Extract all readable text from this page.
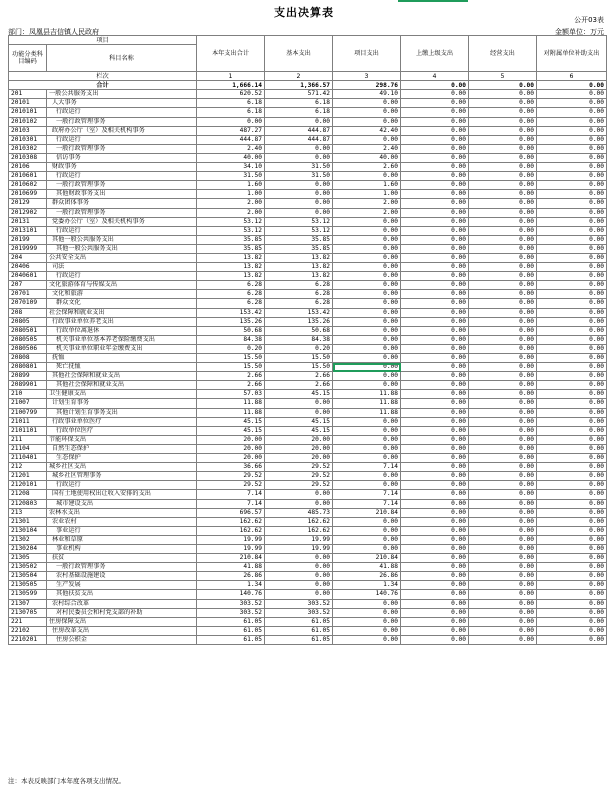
支出决算表
公开03表
部门：凤凰县吉信镇人民政府	金额单位：万元
项目		本年支出合计	基本支出	项目支出	上缴上级支出	经营支出	对附属单位补助支出
功能分类科目编码	科目名称						
栏次		1	2	3	4	5	6
合计		1,666.14	1,366.57	298.76	0.00	0.00	0.00
201	一般公共服务支出	620.52	571.42	49.10	0.00	0.00	0.00
20101	人大事务	6.18	6.18	0.00	0.00	0.00	0.00
2010101	行政运行	6.18	6.18	0.00	0.00	0.00	0.00
2010102	一般行政管理事务	0.00	0.00	0.00	0.00	0.00	0.00
20103	政府办公厅（室）及相关机构事务	487.27	444.87	42.40	0.00	0.00	0.00
2010301	行政运行	444.87	444.87	0.00	0.00	0.00	0.00
2010302	一般行政管理事务	2.40	0.00	2.40	0.00	0.00	0.00
2010308	信访事务	40.00	0.00	40.00	0.00	0.00	0.00
20106	财政事务	34.10	31.50	2.60	0.00	0.00	0.00
2010601	行政运行	31.50	31.50	0.00	0.00	0.00	0.00
2010602	一般行政管理事务	1.60	0.00	1.60	0.00	0.00	0.00
2010699	其他财政事务支出	1.00	0.00	1.00	0.00	0.00	0.00
20129	群众团体事务	2.00	0.00	2.00	0.00	0.00	0.00
2012902	一般行政管理事务	2.00	0.00	2.00	0.00	0.00	0.00
20131	党委办公厅（室）及相关机构事务	53.12	53.12	0.00	0.00	0.00	0.00
2013101	行政运行	53.12	53.12	0.00	0.00	0.00	0.00
20199	其他一般公共服务支出	35.85	35.85	0.00	0.00	0.00	0.00
2019999	其他一般公共服务支出	35.85	35.85	0.00	0.00	0.00	0.00
204	公共安全支出	13.82	13.82	0.00	0.00	0.00	0.00
20406	司法	13.82	13.82	0.00	0.00	0.00	0.00
2040601	行政运行	13.82	13.82	0.00	0.00	0.00	0.00
207	文化旅游体育与传媒支出	6.28	6.28	0.00	0.00	0.00	0.00
20701	文化和旅游	6.28	6.28	0.00	0.00	0.00	0.00
2070109	群众文化	6.28	6.28	0.00	0.00	0.00	0.00
208	社会保障和就业支出	153.42	153.42	0.00	0.00	0.00	0.00
20805	行政事业单位养老支出	135.26	135.26	0.00	0.00	0.00	0.00
2080501	行政单位离退休	50.68	50.68	0.00	0.00	0.00	0.00
2080505	机关事业单位基本养老保险缴费支出	84.38	84.38	0.00	0.00	0.00	0.00
2080506	机关事业单位职业年金缴费支出	0.20	0.20	0.00	0.00	0.00	0.00
20808	抚恤	15.50	15.50	0.00	0.00	0.00	0.00
2080801	死亡抚恤	15.50	15.50	0.00	0.00	0.00	0.00
20899	其他社会保障和就业支出	2.66	2.66	0.00	0.00	0.00	0.00
2089901	其他社会保障和就业支出	2.66	2.66	0.00	0.00	0.00	0.00
210	卫生健康支出	57.03	45.15	11.88	0.00	0.00	0.00
21007	计划生育事务	11.88	0.00	11.88	0.00	0.00	0.00
2100799	其他计划生育事务支出	11.88	0.00	11.88	0.00	0.00	0.00
21011	行政事业单位医疗	45.15	45.15	0.00	0.00	0.00	0.00
2101101	行政单位医疗	45.15	45.15	0.00	0.00	0.00	0.00
211	节能环保支出	20.00	20.00	0.00	0.00	0.00	0.00
21104	自然生态保护	20.00	20.00	0.00	0.00	0.00	0.00
2110401	生态保护	20.00	20.00	0.00	0.00	0.00	0.00
212	城乡社区支出	36.66	29.52	7.14	0.00	0.00	0.00
21201	城乡社区管理事务	29.52	29.52	0.00	0.00	0.00	0.00
2120101	行政运行	29.52	29.52	0.00	0.00	0.00	0.00
21208	国有土地使用权出让收入安排的支出	7.14	0.00	7.14	0.00	0.00	0.00
2120803	城市建设支出	7.14	0.00	7.14	0.00	0.00	0.00
213	农林水支出	696.57	485.73	210.84	0.00	0.00	0.00
21301	农业农村	162.62	162.62	0.00	0.00	0.00	0.00
2130104	事业运行	162.62	162.62	0.00	0.00	0.00	0.00
21302	林业和草原	19.99	19.99	0.00	0.00	0.00	0.00
2130204	事业机构	19.99	19.99	0.00	0.00	0.00	0.00
21305	扶贫	210.84	0.00	210.84	0.00	0.00	0.00
2130502	一般行政管理事务	41.88	0.00	41.88	0.00	0.00	0.00
2130504	农村基础设施建设	26.86	0.00	26.86	0.00	0.00	0.00
2130505	生产发展	1.34	0.00	1.34	0.00	0.00	0.00
2130599	其他扶贫支出	140.76	0.00	140.76	0.00	0.00	0.00
21307	农村综合改革	303.52	303.52	0.00	0.00	0.00	0.00
2130705	对村民委员会和村党支部的补助	303.52	303.52	0.00	0.00	0.00	0.00
221	住房保障支出	61.05	61.05	0.00	0.00	0.00	0.00
22102	住房改革支出	61.05	61.05	0.00	0.00	0.00	0.00
2210201	住房公积金	61.05	61.05	0.00	0.00	0.00	0.00
注：本表反映部门本年度各项支出情况。
